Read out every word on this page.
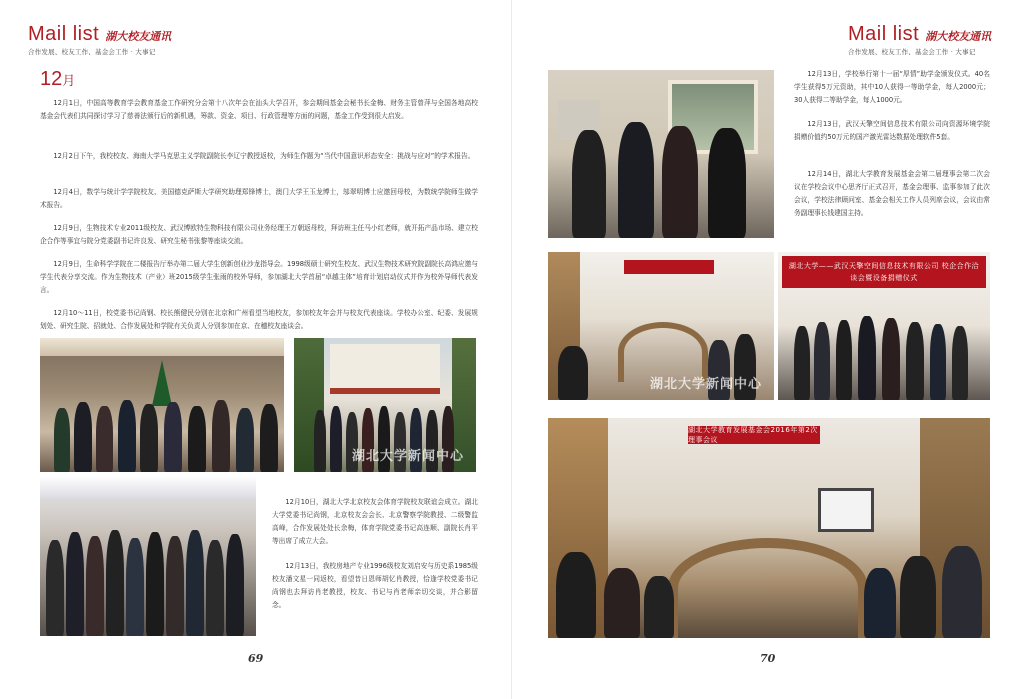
Mail list 湖大校友通讯
合作发展、校友工作、基金会工作 · 大事记
12月

12月1日，中国高等教育学会教育基金工作研究分会第十八次年会在汕头大学召开，参会期间基金会秘书长金梅、财务主管曾萍与全国各地高校基金会代表们共同探讨学习了慈善法颁行后的新机遇，筹款、资金、项目、行政管理等方面的问题，基金工作受到很大启发。

12月2日下午，我校校友、海南大学马克思主义学院副院长李辽宁教授返校，为师生作题为“当代中国意识形态安全：挑战与应对”的学术报告。

12月4日，数学与统计学学院校友、美国德克萨斯大学研究助理郑锋博士，澳门大学王玉龙博士，邬翠明博士应邀回母校，为数统学院师生做学术报告。

12月9日，生物技术专业2011级校友、武汉博欧特生物科技有限公司业务经理王万朝返母校，拜访班主任马小红老师，就开拓产品市场、建立校企合作等事宜与院分党委副书记许良发、研究生秘书张黎等座谈交流。

12月9日，生命科学学院在二楼报告厅举办第二届大学生创新创业沙龙指导会。1998级硕士研究生校友、武汉生物技术研究院副院长高鸿应邀与学生代表分享交流。作为生物技术（产业）班2015级学生张雨的校外导师，参加湖北大学首届“卓越主体”培育计划启动仪式并作为校外导师代表发言。

12月10～11日，校党委书记尚钢、校长熊健民分别在北京和广州看望当地校友，参加校友年会并与校友代表座谈。学校办公室、纪委、发展规划处、研究生院、招就处、合作发展处和学院有关负责人分别参加在京、在穗校友座谈会。

湖北大学新闻中心

12月10日，湖北大学北京校友会体育学院校友联谊会成立。湖北大学党委书记尚钢，北京校友会会长、北京警察学院教授、二级警监高峰，合作发展处处长余梅，体育学院党委书记高连顺、副院长肖平等出席了成立大会。

12月13日，我校房地产专业1996级校友刘启安与历史系1985级校友潘文星一同返校，看望昔日恩师胡忆肖教授，恰逢学校党委书记尚钢也去拜访肖老教授，校友、书记与肖老师亲切交谈，并合影留念。

69
Mail list 湖大校友通讯
合作发展、校友工作、基金会工作 · 大事记

12月13日，学校举行第十一届“厚情”助学金颁发仪式。40名学生获得5万元资助，其中10人获得一等助学金，每人2000元；30人获得二等助学金，每人1000元。

12月13日，武汉天擎空间信息技术有限公司向资源环境学院捐赠价值约50万元的国产激光雷达数据处理软件5套。

12月14日，湖北大学教育发展基金会第二届理事会第二次会议在学校会议中心思齐厅正式召开，基金会理事、监事参加了此次会议，学校法律顾问室、基金会相关工作人员列席会议，会议由常务副理事长钱建国主持。

湖北大学新闻中心
湖北大学——武汉天擎空间信息技术有限公司 校企合作洽谈会暨设备捐赠仪式
湖北大学教育发展基金会2016年第2次理事会议
70
